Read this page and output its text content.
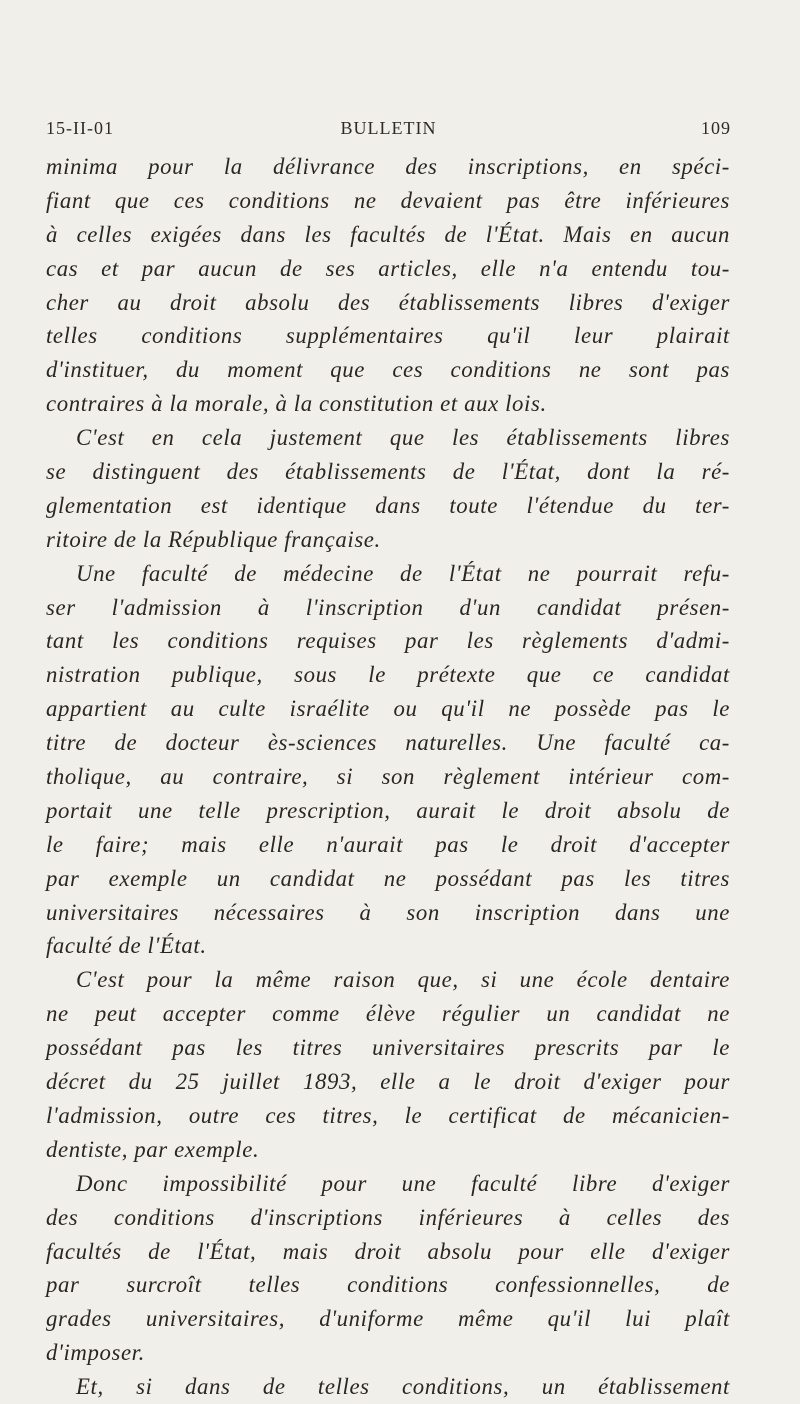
15-II-01	BULLETIN	109
minima pour la délivrance des inscriptions, en spéci-
fiant que ces conditions ne devaient pas être inférieures
à celles exigées dans les facultés de l'État. Mais en aucun
cas et par aucun de ses articles, elle n'a entendu tou-
cher au droit absolu des établissements libres d'exiger
telles conditions supplémentaires qu'il leur plairait
d'instituer, du moment que ces conditions ne sont pas
contraires à la morale, à la constitution et aux lois.
C'est en cela justement que les établissements libres
se distinguent des établissements de l'État, dont la ré-
glementation est identique dans toute l'étendue du ter-
ritoire de la République française.
Une faculté de médecine de l'État ne pourrait refu-
ser l'admission à l'inscription d'un candidat présen-
tant les conditions requises par les règlements d'admi-
nistration publique, sous le prétexte que ce candidat
appartient au culte israélite ou qu'il ne possède pas le
titre de docteur ès-sciences naturelles. Une faculté ca-
tholique, au contraire, si son règlement intérieur com-
portait une telle prescription, aurait le droit absolu de
le faire; mais elle n'aurait pas le droit d'accepter
par exemple un candidat ne possédant pas les titres
universitaires nécessaires à son inscription dans une
faculté de l'État.
C'est pour la même raison que, si une école dentaire
ne peut accepter comme élève régulier un candidat ne
possédant pas les titres universitaires prescrits par le
décret du 25 juillet 1893, elle a le droit d'exiger pour
l'admission, outre ces titres, le certificat de mécanicien-
dentiste, par exemple.
Donc impossibilité pour une faculté libre d'exiger
des conditions d'inscriptions inférieures à celles des
facultés de l'État, mais droit absolu pour elle d'exiger
par surcroît telles conditions confessionnelles, de
grades universitaires, d'uniforme même qu'il lui plaît
d'imposer.
Et, si dans de telles conditions, un établissement
